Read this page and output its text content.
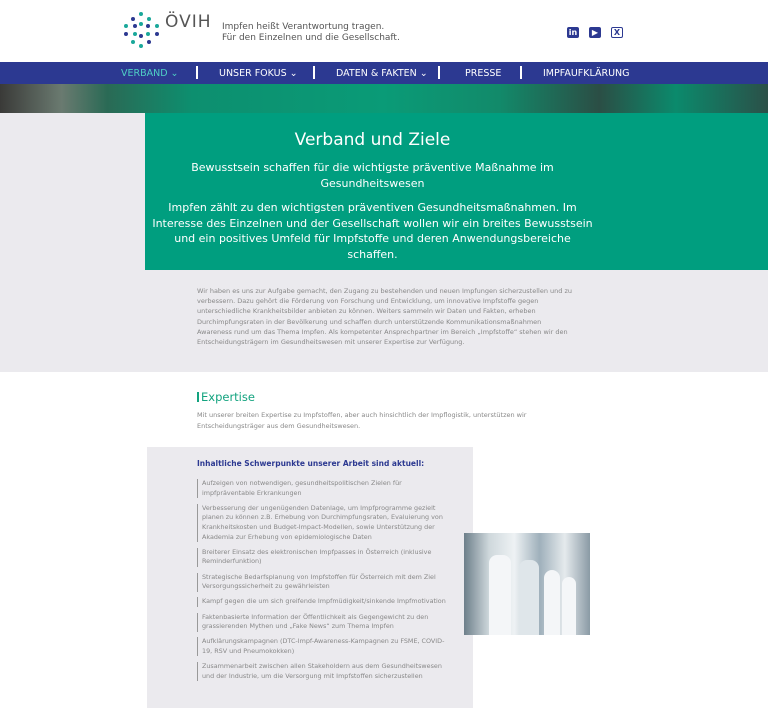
ÖVIH Impfen heißt Verantwortung tragen.
Für den Einzelnen und die Gesellschaft.
in	▶	X
VERBAND ⌄	UNSER FOKUS ⌄	DATEN & FAKTEN ⌄	PRESSE	IMPFAUFKLÄRUNG
Verband und Ziele
Bewusstsein schaffen für die wichtigste präventive Maßnahme im Gesundheitswesen

Impfen zählt zu den wichtigsten präventiven Gesundheitsmaßnahmen. Im Interesse des Einzelnen und der Gesellschaft wollen wir ein breites Bewusstsein und ein positives Umfeld für Impfstoffe und deren Anwendungsbereiche schaffen.

Wir haben es uns zur Aufgabe gemacht, den Zugang zu bestehenden und neuen Impfungen sicherzustellen und zu verbessern. Dazu gehört die Förderung von Forschung und Entwicklung, um innovative Impfstoffe gegen unterschiedliche Krankheitsbilder anbieten zu können. Weiters sammeln wir Daten und Fakten, erheben Durchimpfungsraten in der Bevölkerung und schaffen durch unterstützende Kommunikationsmaßnahmen Awareness rund um das Thema Impfen. Als kompetenter Ansprechpartner im Bereich „Impfstoffe“ stehen wir den Entscheidungsträgern im Gesundheitswesen mit unserer Expertise zur Verfügung.
Expertise
Mit unserer breiten Expertise zu Impfstoffen, aber auch hinsichtlich der Impflogistik, unterstützen wir Entscheidungsträger aus dem Gesundheitswesen.
Inhaltliche Schwerpunkte unserer Arbeit sind aktuell:
Aufzeigen von notwendigen, gesundheitspolitischen Zielen für impfpräventable Erkrankungen
Verbesserung der ungenügenden Datenlage, um Impfprogramme gezielt planen zu können z.B. Erhebung von Durchimpfungsraten, Evaluierung von Krankheitskosten und Budget-Impact-Modellen, sowie Unterstützung der Akademia zur Erhebung von epidemiologische Daten
Breiterer Einsatz des elektronischen Impfpasses in Österreich (inklusive Reminderfunktion)
Strategische Bedarfsplanung von Impfstoffen für Österreich mit dem Ziel Versorgungssicherheit zu gewährleisten
Kampf gegen die um sich greifende Impfmüdigkeit/sinkende Impfmotivation
Faktenbasierte Information der Öffentlichkeit als Gegengewicht zu den grassierenden Mythen und „Fake News“ zum Thema Impfen
Aufklärungskampagnen (DTC-Impf-Awareness-Kampagnen zu FSME, COVID-19, RSV und Pneumokokken)
Zusammenarbeit zwischen allen Stakeholdern aus dem Gesundheitswesen und der Industrie, um die Versorgung mit Impfstoffen sicherzustellen
